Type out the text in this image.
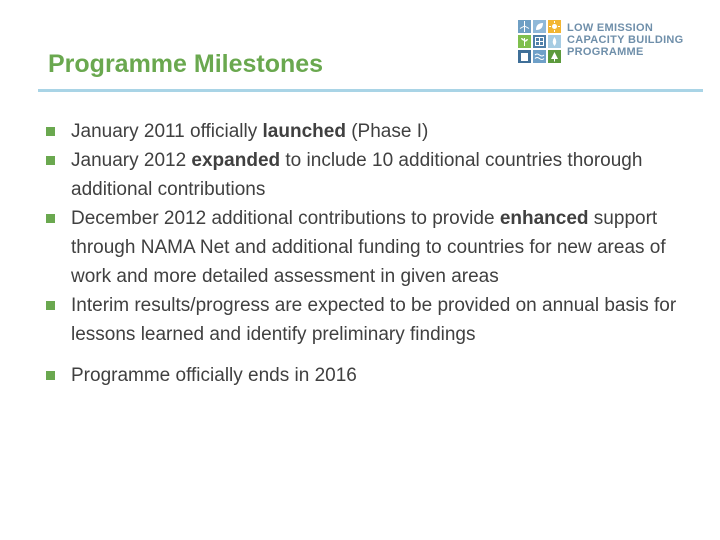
Programme Milestones
LOW EMISSION
CAPACITY BUILDING
PROGRAMME
January 2011 officially launched (Phase I)
January 2012 expanded to include 10 additional countries thorough additional contributions
December 2012 additional contributions to provide enhanced support through NAMA Net and additional funding to countries for new areas of work and more detailed assessment in given areas
Interim results/progress are expected to be provided on annual basis for lessons learned and identify preliminary findings
Programme officially ends in 2016
